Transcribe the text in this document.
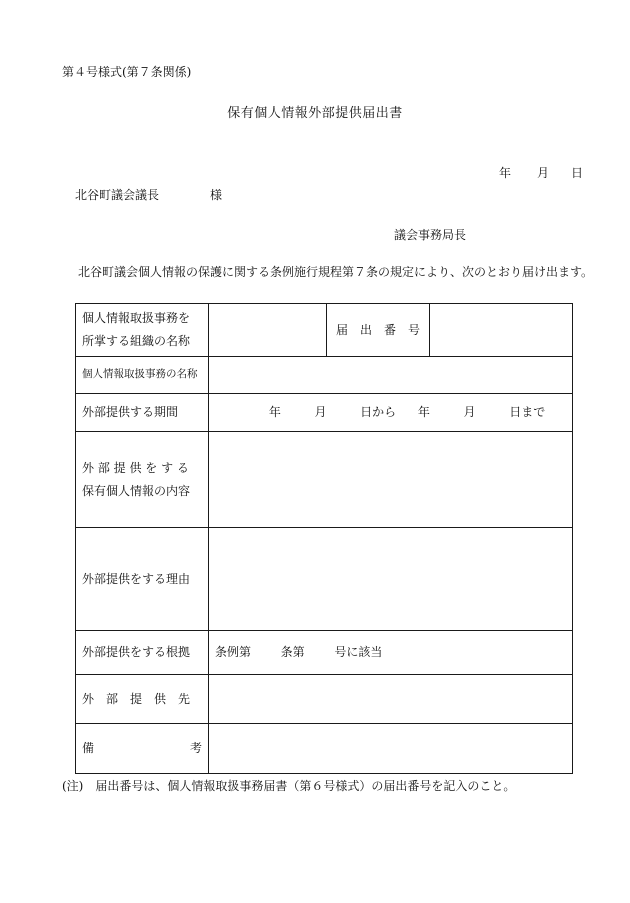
第４号様式(第７条関係)
保有個人情報外部提供届出書
年 月 日
北谷町議会議長	様
議会事務局長
北谷町議会個人情報の保護に関する条例施行規程第７条の規定により、次のとおり届け出ます。
個人情報取扱事務を
所掌する組織の名称		届　出　番　号	
個人情報取扱事務の名称			
外部提供する期間	年 月 日から 年 月 日まで		

外 部 提 供 を す る
保有個人情報の内容			

外部提供をする理由			
外部提供をする根拠	条例第 条第 号に該当		
外　部　提　供　先			

備 考			

(注)　届出番号は、個人情報取扱事務届書（第６号様式）の届出番号を記入のこと。
